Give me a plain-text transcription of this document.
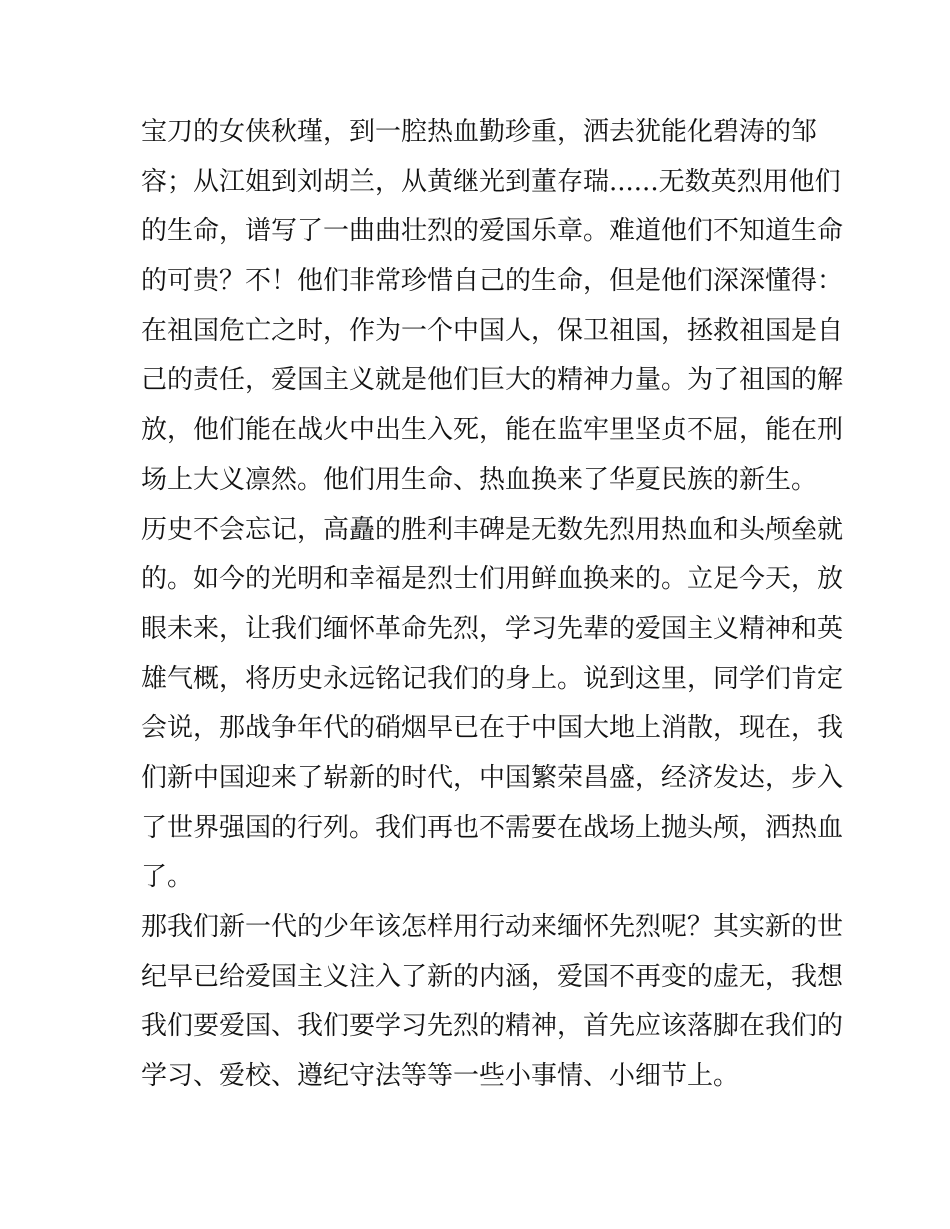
宝刀的女侠秋瑾，到一腔热血勤珍重，洒去犹能化碧涛的邹
容；从江姐到刘胡兰，从黄继光到董存瑞......无数英烈用他们
的生命，谱写了一曲曲壮烈的爱国乐章。难道他们不知道生命
的可贵？不！他们非常珍惜自己的生命，但是他们深深懂得：
在祖国危亡之时，作为一个中国人，保卫祖国，拯救祖国是自
己的责任，爱国主义就是他们巨大的精神力量。为了祖国的解
放，他们能在战火中出生入死，能在监牢里坚贞不屈，能在刑
场上大义凛然。他们用生命、热血换来了华夏民族的新生。
历史不会忘记，高矗的胜利丰碑是无数先烈用热血和头颅垒就
的。如今的光明和幸福是烈士们用鲜血换来的。立足今天，放
眼未来，让我们缅怀革命先烈，学习先辈的爱国主义精神和英
雄气概，将历史永远铭记我们的身上。说到这里，同学们肯定
会说，那战争年代的硝烟早已在于中国大地上消散，现在，我
们新中国迎来了崭新的时代，中国繁荣昌盛，经济发达，步入
了世界强国的行列。我们再也不需要在战场上抛头颅，洒热血
了。
那我们新一代的少年该怎样用行动来缅怀先烈呢？其实新的世
纪早已给爱国主义注入了新的内涵，爱国不再变的虚无，我想
我们要爱国、我们要学习先烈的精神，首先应该落脚在我们的
学习、爱校、遵纪守法等等一些小事情、小细节上。
